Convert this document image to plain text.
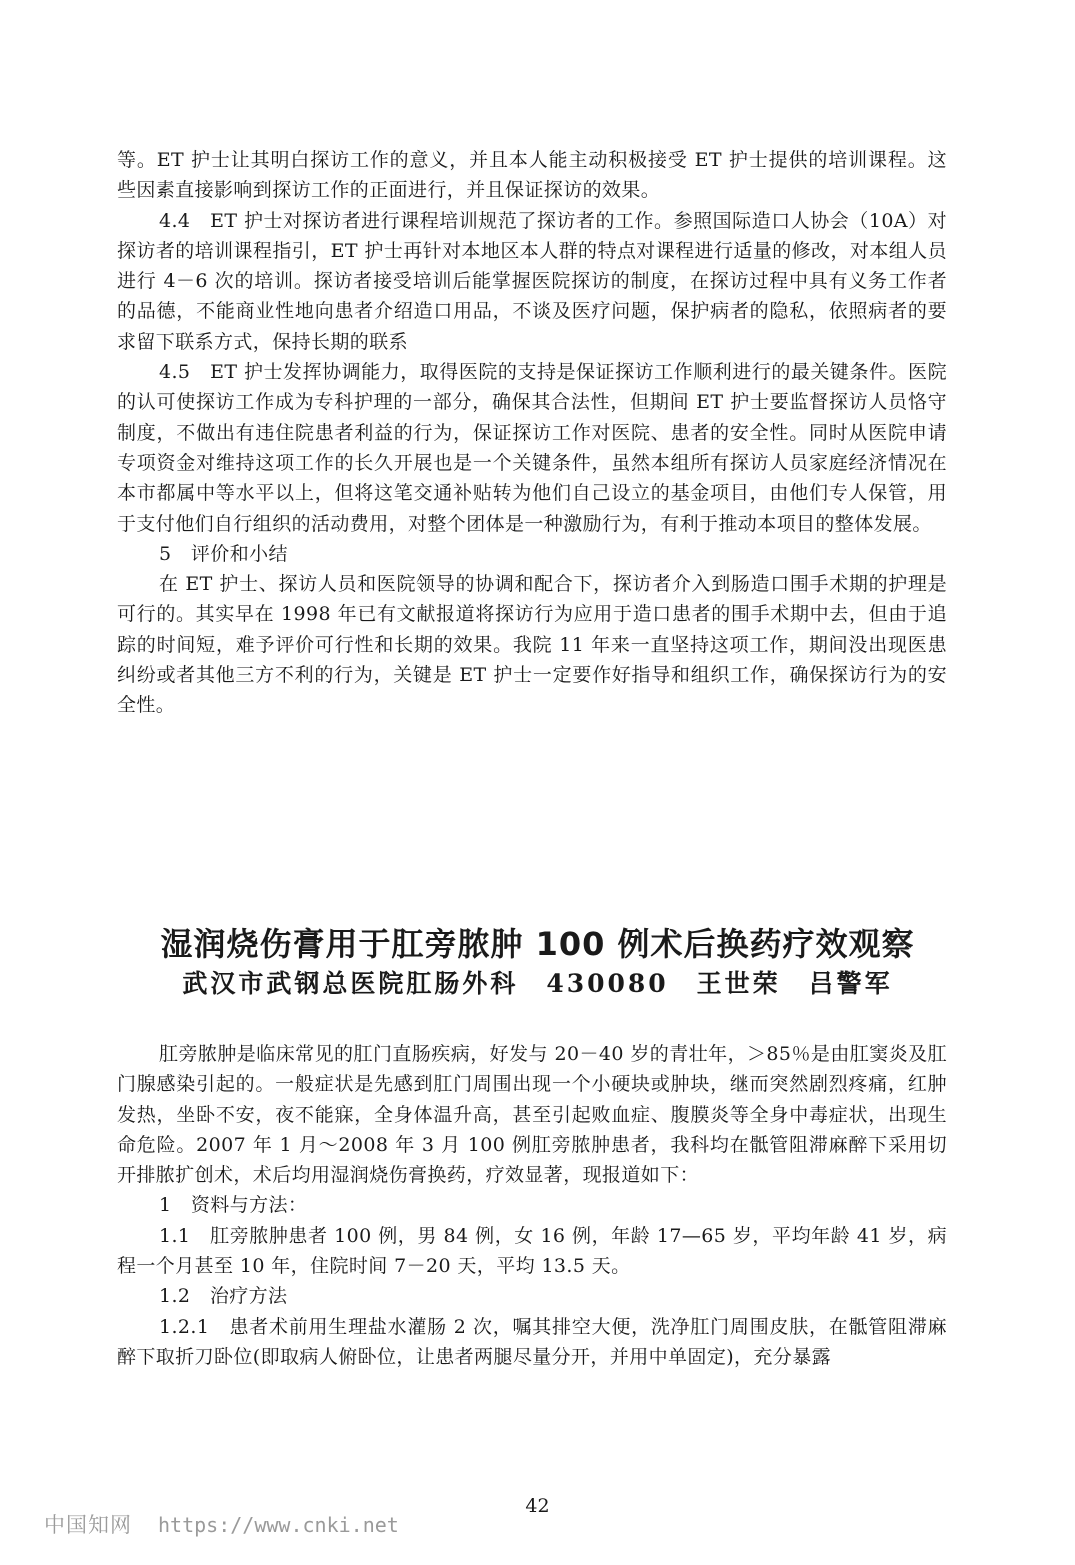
等。ET 护士让其明白探访工作的意义，并且本人能主动积极接受 ET 护士提供的培训课程。这些因素直接影响到探访工作的正面进行，并且保证探访的效果。

4.4　ET 护士对探访者进行课程培训规范了探访者的工作。参照国际造口人协会（10A）对探访者的培训课程指引，ET 护士再针对本地区本人群的特点对课程进行适量的修改，对本组人员进行 4－6 次的培训。探访者接受培训后能掌握医院探访的制度，在探访过程中具有义务工作者的品德，不能商业性地向患者介绍造口用品，不谈及医疗问题，保护病者的隐私，依照病者的要求留下联系方式，保持长期的联系

4.5　ET 护士发挥协调能力，取得医院的支持是保证探访工作顺利进行的最关键条件。医院的认可使探访工作成为专科护理的一部分，确保其合法性，但期间 ET 护士要监督探访人员恪守制度，不做出有违住院患者利益的行为，保证探访工作对医院、患者的安全性。同时从医院申请专项资金对维持这项工作的长久开展也是一个关键条件，虽然本组所有探访人员家庭经济情况在本市都属中等水平以上，但将这笔交通补贴转为他们自己设立的基金项目，由他们专人保管，用于支付他们自行组织的活动费用，对整个团体是一种激励行为，有利于推动本项目的整体发展。

5　评价和小结

在 ET 护士、探访人员和医院领导的协调和配合下，探访者介入到肠造口围手术期的护理是可行的。其实早在 1998 年已有文献报道将探访行为应用于造口患者的围手术期中去，但由于追踪的时间短，难予评价可行性和长期的效果。我院 11 年来一直坚持这项工作，期间没出现医患纠纷或者其他三方不利的行为，关键是 ET 护士一定要作好指导和组织工作，确保探访行为的安全性。

湿润烧伤膏用于肛旁脓肿 100 例术后换药疗效观察
武汉市武钢总医院肛肠外科　430080　王世荣　吕警军

肛旁脓肿是临床常见的肛门直肠疾病，好发与 20－40 岁的青壮年，＞85％是由肛窦炎及肛门腺感染引起的。一般症状是先感到肛门周围出现一个小硬块或肿块，继而突然剧烈疼痛，红肿发热，坐卧不安，夜不能寐，全身体温升高，甚至引起败血症、腹膜炎等全身中毒症状，出现生命危险。2007 年 1 月～2008 年 3 月 100 例肛旁脓肿患者，我科均在骶管阻滞麻醉下采用切开排脓扩创术，术后均用湿润烧伤膏换药，疗效显著，现报道如下：

1　资料与方法：

1.1　肛旁脓肿患者 100 例，男 84 例，女 16 例，年龄 17—65 岁，平均年龄 41 岁，病程一个月甚至 10 年，住院时间 7－20 天，平均 13.5 天。

1.2　治疗方法

1.2.1　患者术前用生理盐水灌肠 2 次，嘱其排空大便，洗净肛门周围皮肤，在骶管阻滞麻醉下取折刀卧位(即取病人俯卧位，让患者两腿尽量分开，并用中单固定)，充分暴露

42
中国知网 https://www.cnki.net
